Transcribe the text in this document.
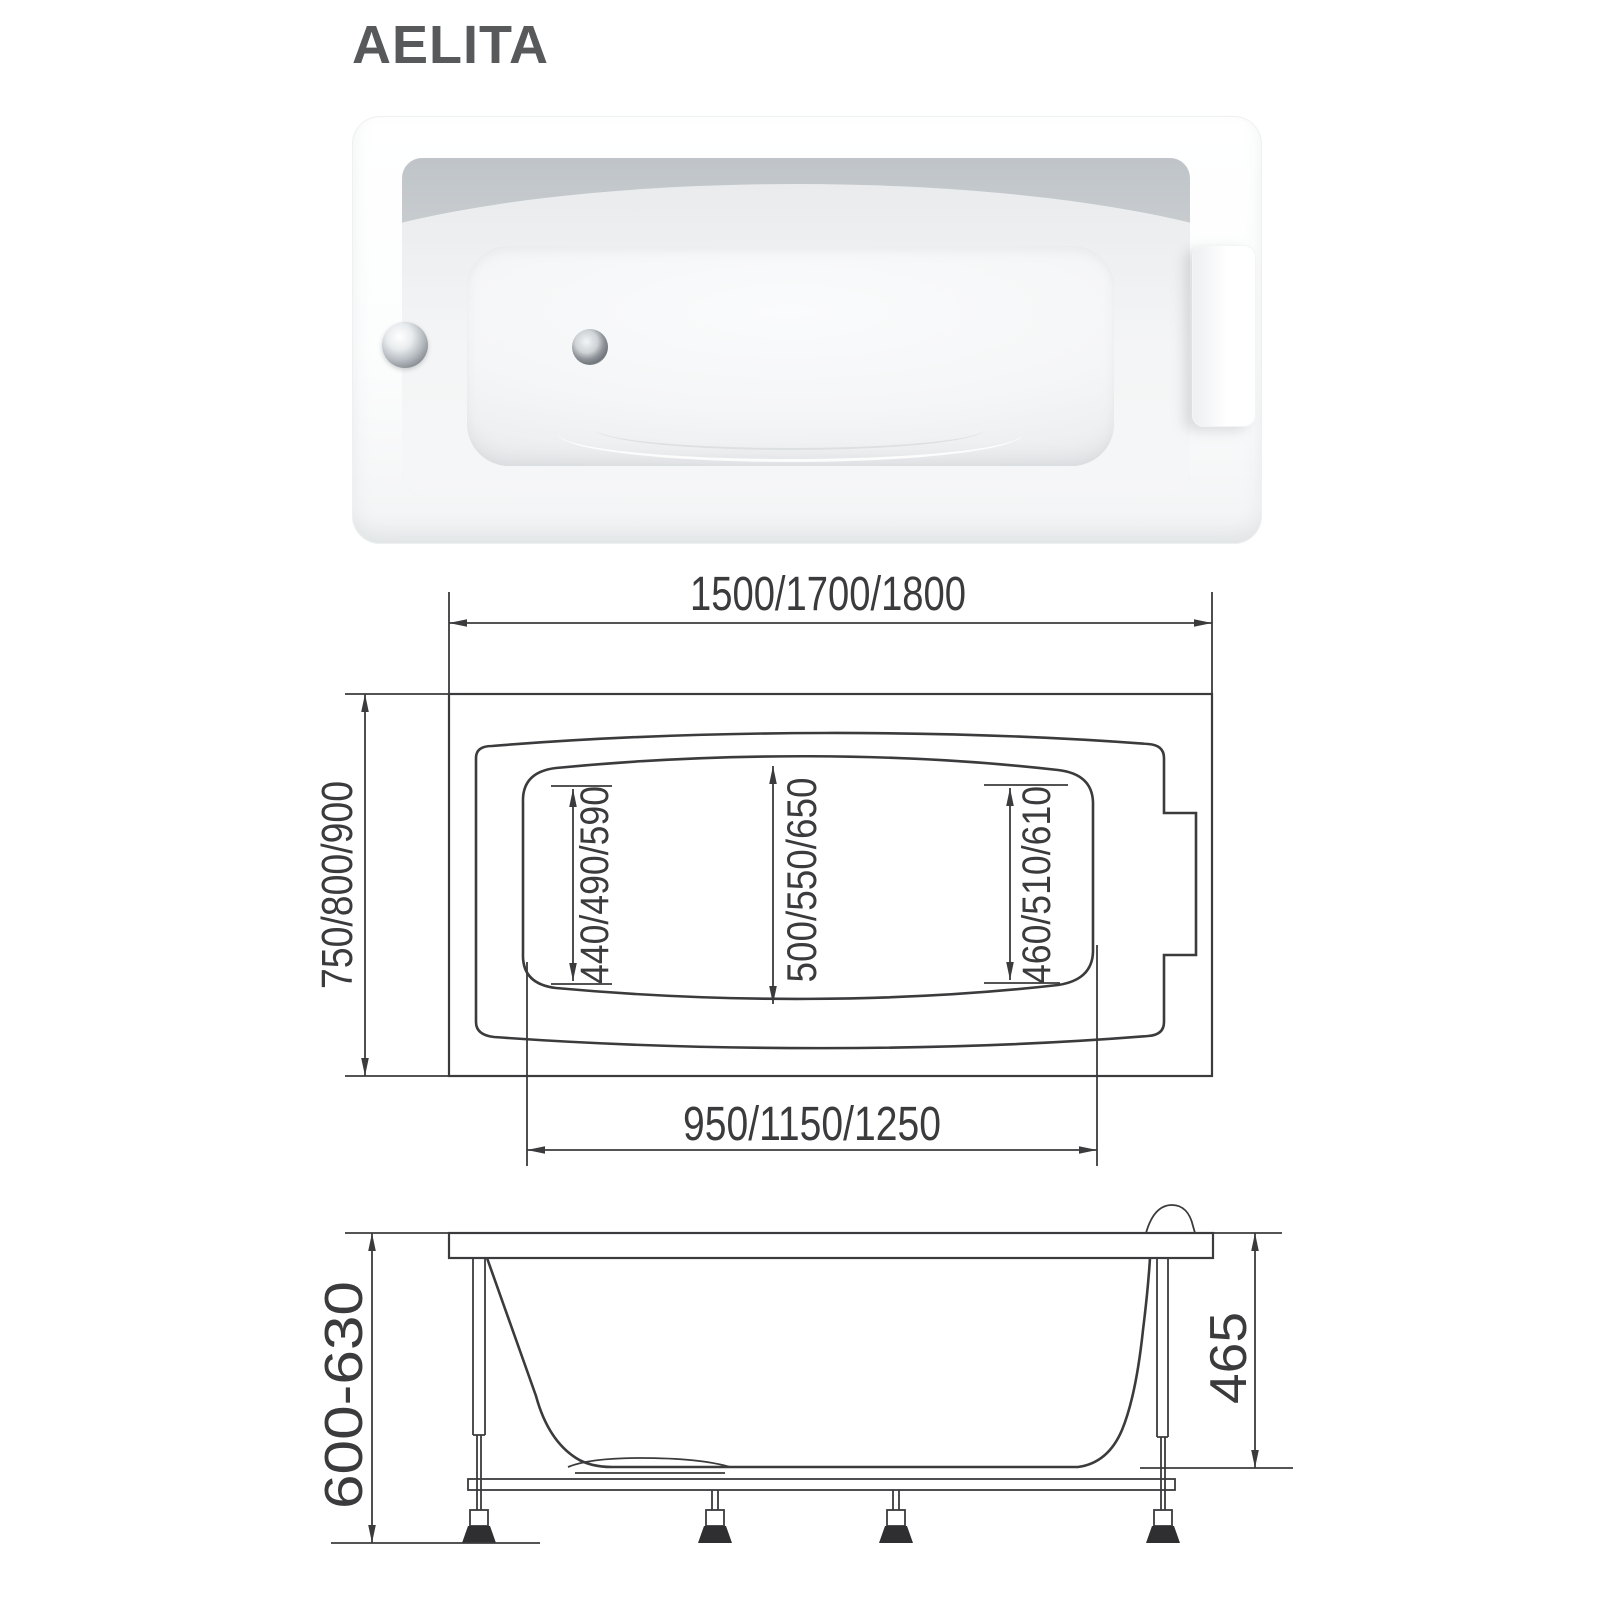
AELITA
1500/1700/1800
750/800/900	440/490/590	500/550/650	460/510/610
950/1150/1250
600-630	465
